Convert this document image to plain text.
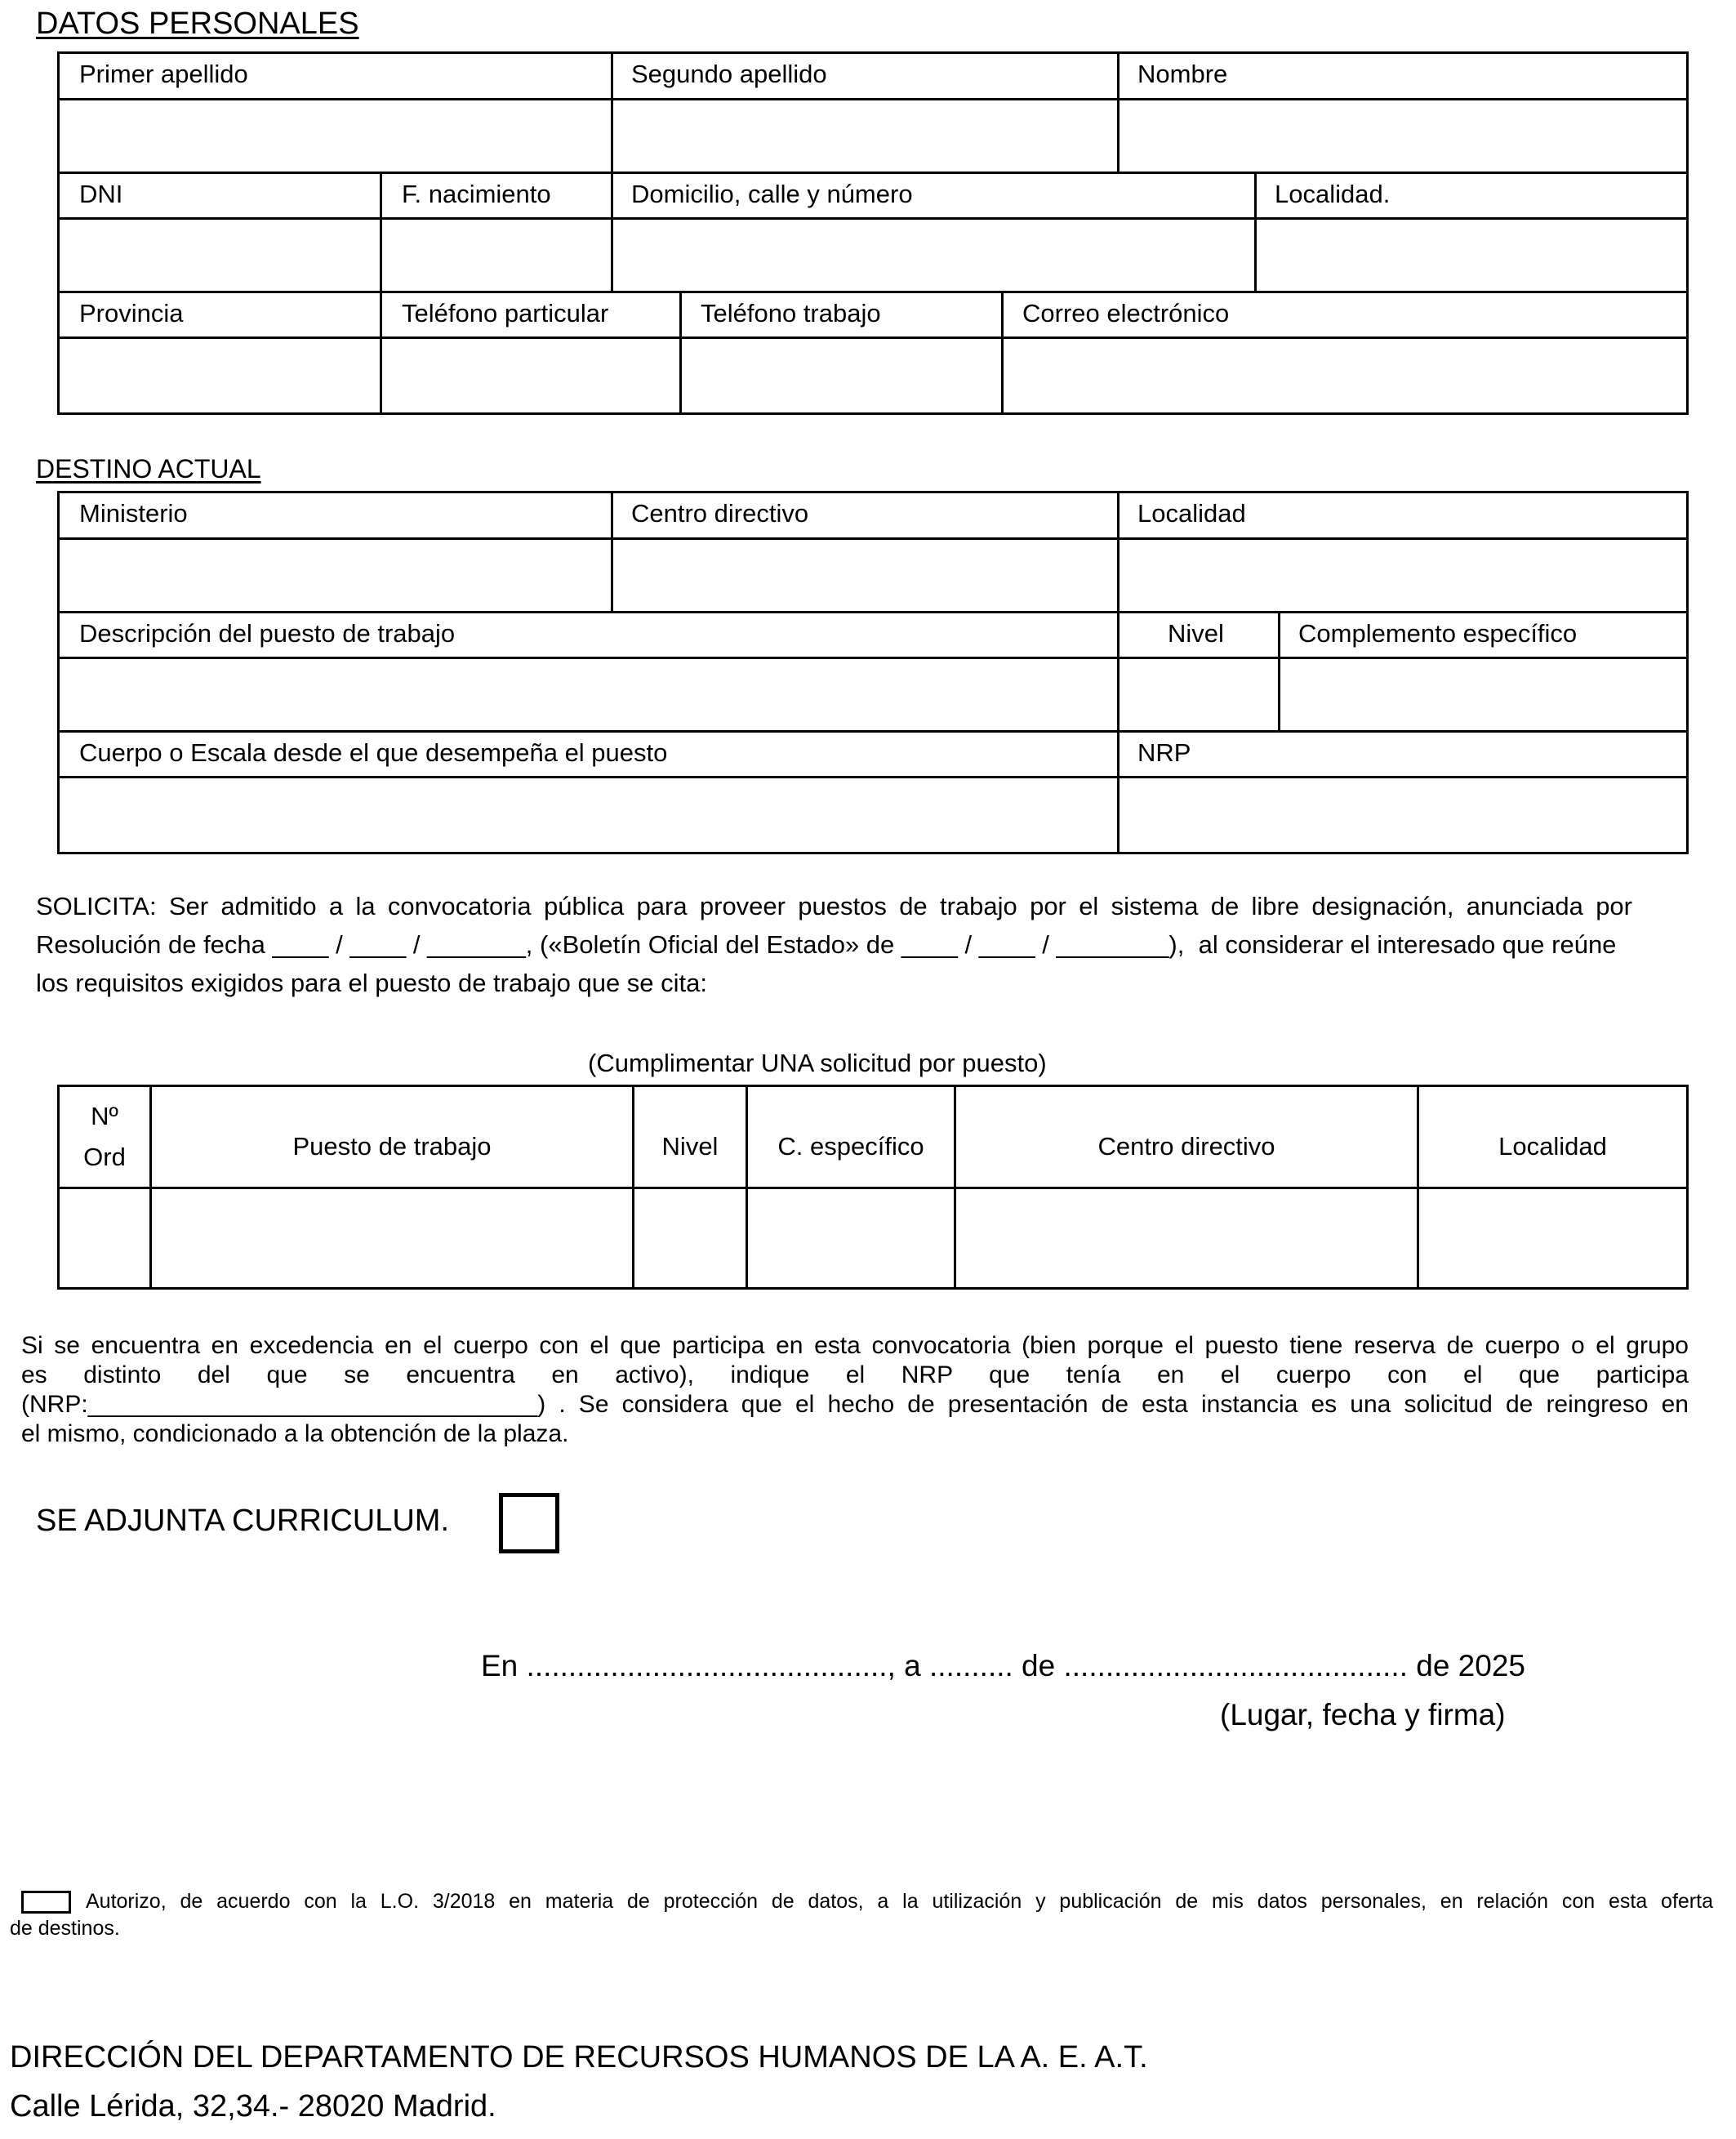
DATOS PERSONALES
Primer apellido	Segundo apellido	Nombre
DNI	F. nacimiento	Domicilio, calle y número	Localidad.
Provincia	Teléfono particular	Teléfono trabajo	Correo electrónico
DESTINO ACTUAL
Ministerio	Centro directivo	Localidad
Descripción del puesto de trabajo	Nivel	Complemento específico
Cuerpo o Escala desde el que desempeña el puesto	NRP
SOLICITA: Ser admitido a la convocatoria pública para proveer puestos de trabajo por el sistema de libre designación, anunciada por
Resolución de fecha ____ / ____ / _______, («Boletín Oficial del Estado» de ____ / ____ / ________),  al considerar el interesado que reúne
los requisitos exigidos para el puesto de trabajo que se cita:
(Cumplimentar UNA solicitud por puesto)
Nº
Ord	Puesto de trabajo	Nivel	C. específico	Centro directivo	Localidad
Si se encuentra en excedencia en el cuerpo con el que participa en esta convocatoria (bien porque el puesto tiene reserva de cuerpo o el grupo
es distinto del que se encuentra en activo), indique el NRP que tenía en el cuerpo con el que participa
(NRP:_________________________________) . Se considera que el hecho de presentación de esta instancia es una solicitud de reingreso en
el mismo, condicionado a la obtención de la plaza.
SE ADJUNTA CURRICULUM.
En ..........................................., a .......... de ......................................... de 2025
(Lugar, fecha y firma)
Autorizo, de acuerdo con la L.O. 3/2018 en materia de protección de datos, a la utilización y publicación de mis datos personales, en relación con esta oferta
de destinos.
DIRECCIÓN DEL DEPARTAMENTO DE RECURSOS HUMANOS DE LA A. E. A.T.
Calle Lérida, 32,34.- 28020 Madrid.
